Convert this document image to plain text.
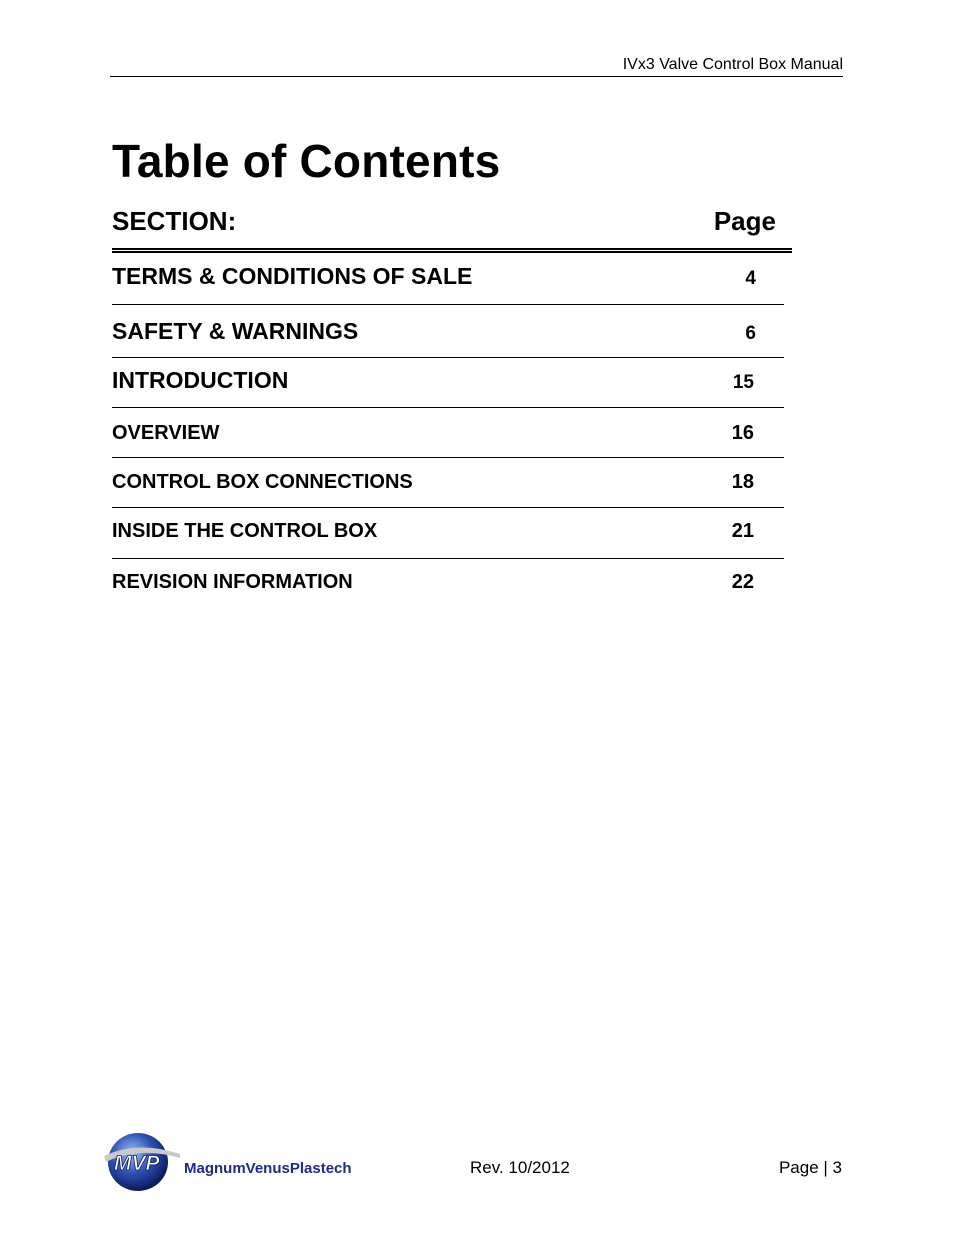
IVx3 Valve Control Box Manual
Table of Contents
SECTION:	Page
TERMS & CONDITIONS OF SALE	4
SAFETY & WARNINGS	6
INTRODUCTION	15
OVERVIEW	16
CONTROL BOX CONNECTIONS	18
INSIDE THE CONTROL BOX	21
REVISION INFORMATION	22
MVP MagnumVenusPlastech	Rev. 10/2012	Page | 3
